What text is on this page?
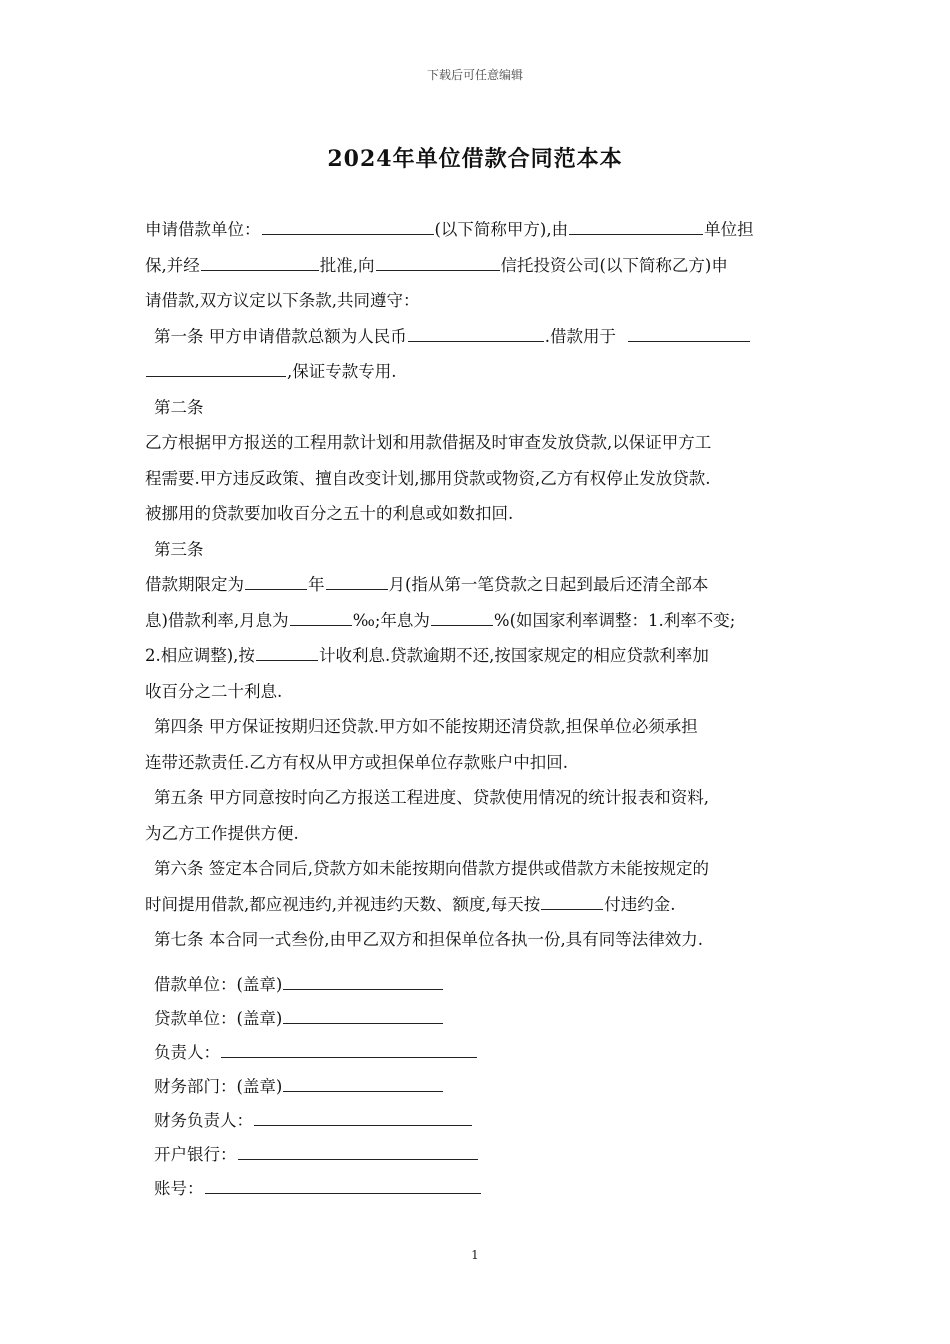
下载后可任意编辑
2024年单位借款合同范本本
申请借款单位：	(以下简称甲方),由	单位担
保,并经	批准,向	信托投资公司(以下简称乙方)申
请借款,双方议定以下条款,共同遵守：
第一条 甲方申请借款总额为人民币	.借款用于
,保证专款专用.
第二条
乙方根据甲方报送的工程用款计划和用款借据及时审查发放贷款,以保证甲方工
程需要.甲方违反政策、擅自改变计划,挪用贷款或物资,乙方有权停止发放贷款.
被挪用的贷款要加收百分之五十的利息或如数扣回.
第三条
借款期限定为	年	月(指从第一笔贷款之日起到最后还清全部本
息)借款利率,月息为	‰;年息为	%(如国家利率调整：1.利率不变;
2.相应调整),按	计收利息.贷款逾期不还,按国家规定的相应贷款利率加
收百分之二十利息.
第四条 甲方保证按期归还贷款.甲方如不能按期还清贷款,担保单位必须承担
连带还款责任.乙方有权从甲方或担保单位存款账户中扣回.
第五条 甲方同意按时向乙方报送工程进度、贷款使用情况的统计报表和资料,
为乙方工作提供方便.
第六条 签定本合同后,贷款方如未能按期向借款方提供或借款方未能按规定的
时间提用借款,都应视违约,并视违约天数、额度,每天按	付违约金.
第七条 本合同一式叁份,由甲乙双方和担保单位各执一份,具有同等法律效力.
借款单位：(盖章)
贷款单位：(盖章)
负责人：
财务部门：(盖章)
财务负责人：
开户银行：
账号：
1
